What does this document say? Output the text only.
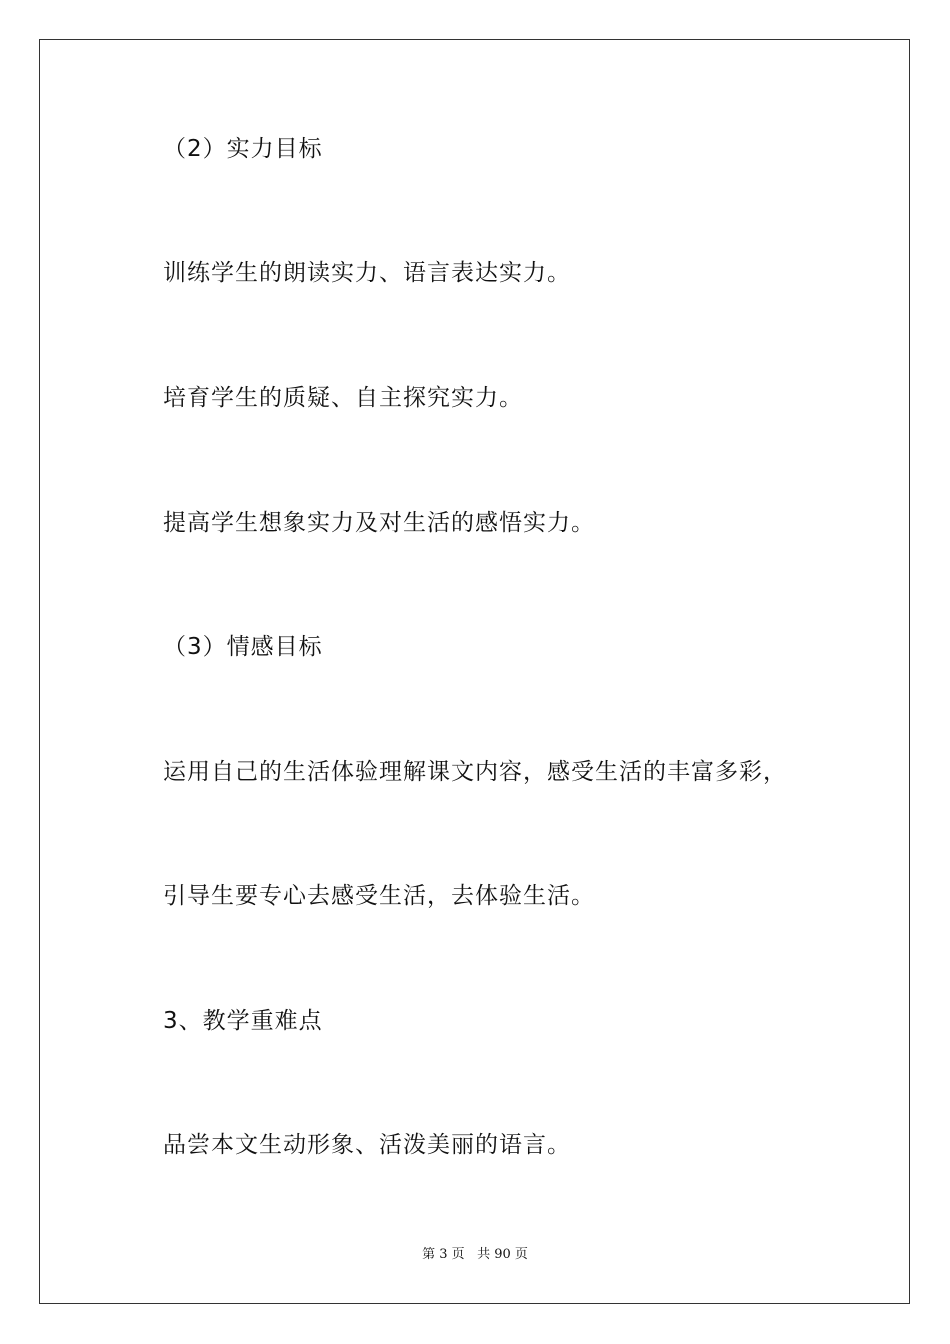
（2）实力目标
训练学生的朗读实力、语言表达实力。
培育学生的质疑、自主探究实力。
提高学生想象实力及对生活的感悟实力。
（3）情感目标
运用自己的生活体验理解课文内容，感受生活的丰富多彩，
引导生要专心去感受生活，去体验生活。
3、教学重难点
品尝本文生动形象、活泼美丽的语言。
第 3 页 共 90 页
